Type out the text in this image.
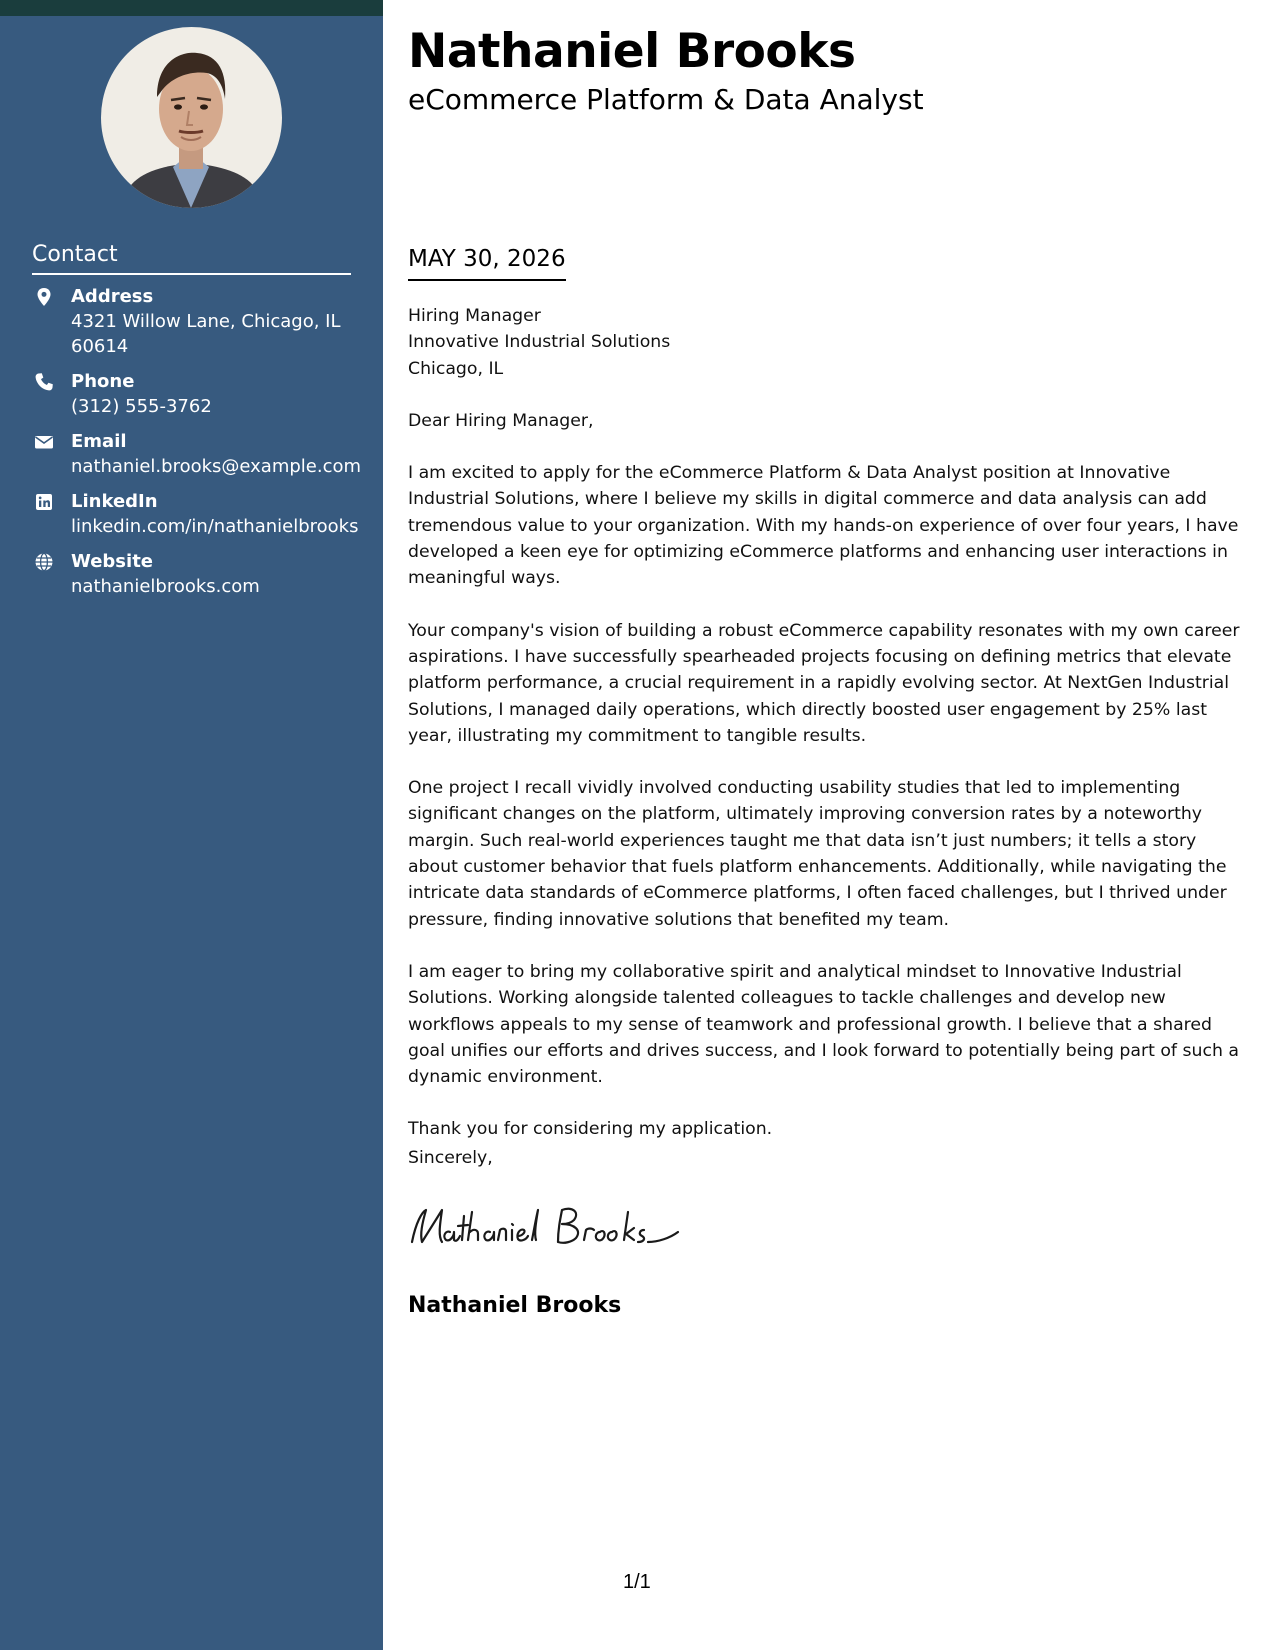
Contact
Address
4321 Willow Lane, Chicago, IL 60614
Phone
(312) 555-3762
Email
nathaniel.brooks@example.com
LinkedIn
linkedin.com/in/nathanielbrooks
Website
nathanielbrooks.com
Nathaniel Brooks
eCommerce Platform & Data Analyst
MAY 30, 2026
Hiring Manager
Innovative Industrial Solutions
Chicago, IL

Dear Hiring Manager,

I am excited to apply for the eCommerce Platform & Data Analyst position at Innovative Industrial Solutions, where I believe my skills in digital commerce and data analysis can add tremendous value to your organization. With my hands-on experience of over four years, I have developed a keen eye for optimizing eCommerce platforms and enhancing user interactions in meaningful ways.

Your company's vision of building a robust eCommerce capability resonates with my own career aspirations. I have successfully spearheaded projects focusing on defining metrics that elevate platform performance, a crucial requirement in a rapidly evolving sector. At NextGen Industrial Solutions, I managed daily operations, which directly boosted user engagement by 25% last year, illustrating my commitment to tangible results.

One project I recall vividly involved conducting usability studies that led to implementing significant changes on the platform, ultimately improving conversion rates by a noteworthy margin. Such real-world experiences taught me that data isn’t just numbers; it tells a story about customer behavior that fuels platform enhancements. Additionally, while navigating the intricate data standards of eCommerce platforms, I often faced challenges, but I thrived under pressure, finding innovative solutions that benefited my team.

I am eager to bring my collaborative spirit and analytical mindset to Innovative Industrial Solutions. Working alongside talented colleagues to tackle challenges and develop new workflows appeals to my sense of teamwork and professional growth. I believe that a shared goal unifies our efforts and drives success, and I look forward to potentially being part of such a dynamic environment.

Thank you for considering my application.

Sincerely,
Nathaniel Brooks
1/1
